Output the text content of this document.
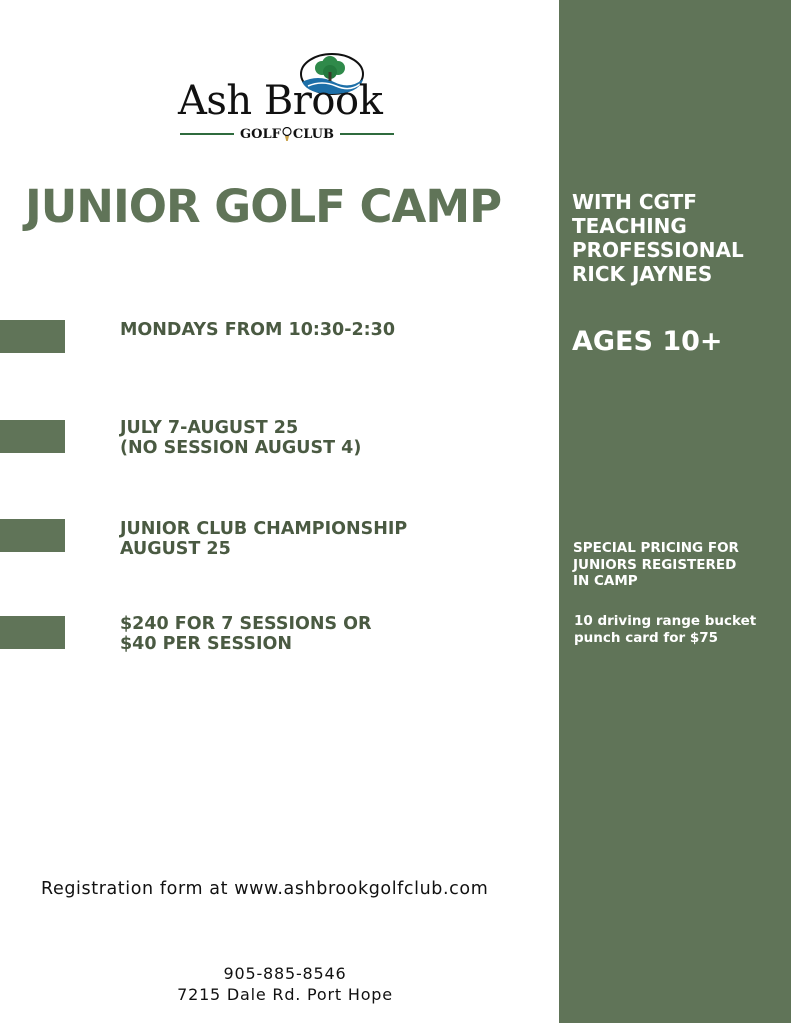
Ash Brook
GOLF CLUB
JUNIOR GOLF CAMP
MONDAYS FROM 10:30-2:30
JULY 7-AUGUST 25
(NO SESSION AUGUST 4)
JUNIOR CLUB CHAMPIONSHIP
AUGUST 25
$240 FOR 7 SESSIONS OR
$40 PER SESSION
WITH CGTF
TEACHING
PROFESSIONAL
RICK JAYNES
AGES 10+
SPECIAL PRICING FOR
JUNIORS REGISTERED
IN CAMP
10 driving range bucket
punch card for $75
Registration form at www.ashbrookgolfclub.com
905-885-8546
7215 Dale Rd. Port Hope
